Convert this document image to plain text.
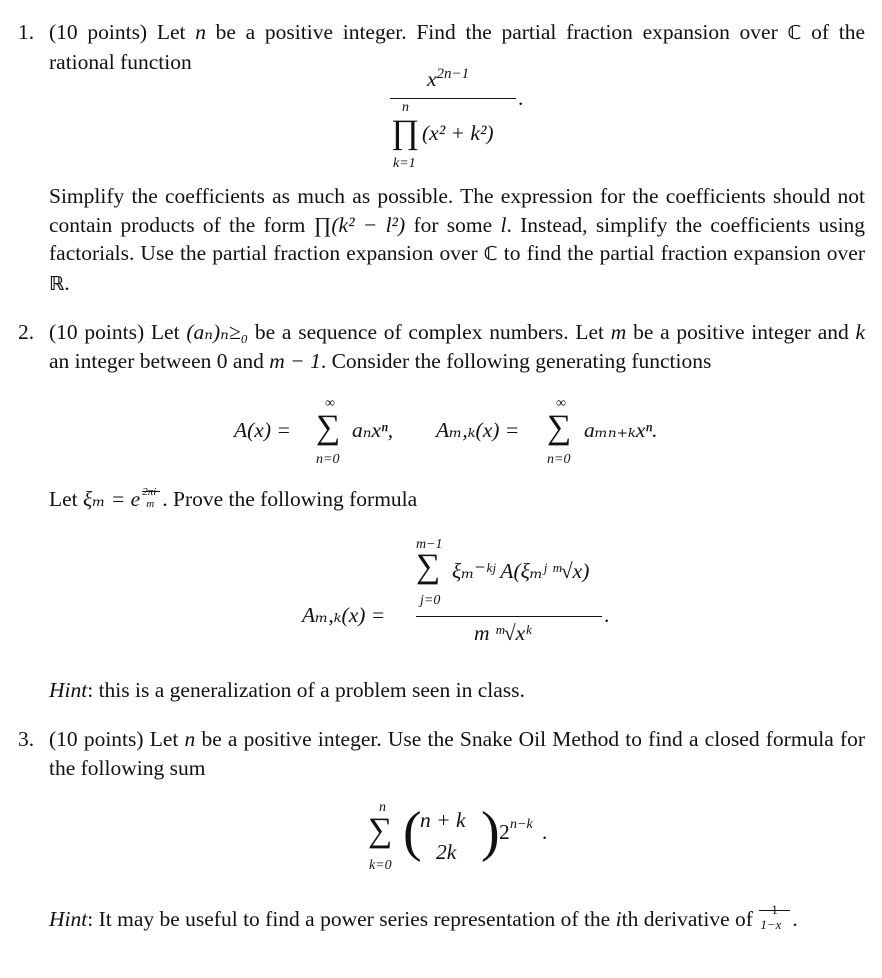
1. (10 points) Let n be a positive integer. Find the partial fraction expansion over ℂ of the rational function

$x^{2n-1}$
.
n
∏ (x² + k²)
k=1
Simplify the coefficients as much as possible. The expression for the coefficients should not contain products of the form ∏(k² − l²) for some l. Instead, simplify the coefficients using factorials. Use the partial fraction expansion over ℂ to find the partial fraction expansion over ℝ.
2. (10 points) Let (aₙ)ₙ≥₀ be a sequence of complex numbers. Let m be a positive integer and k an integer between 0 and m − 1. Consider the following generating functions

A(x) =
∞
∑
n=0
aₙxⁿ, Aₘ,ₖ(x) =
∞
∑
n=0
aₘₙ₊ₖxⁿ.
Let ξₘ = e 2πi
m . Prove the following formula
Aₘ,ₖ(x) =
m−1
∑ ξₘ⁻ᵏʲ A(ξₘʲ ᵐ√x)
j=0
.
m ᵐ√xᵏ
Hint: this is a generalization of a problem seen in class.
3. (10 points) Let n be a positive integer. Use the Snake Oil Method to find a closed formula for the following sum

n
∑
k=0
(
n + k
2k ) 2 n−k .
Hint: It may be useful to find a power series representation of the ith derivative of 1
1−x .
